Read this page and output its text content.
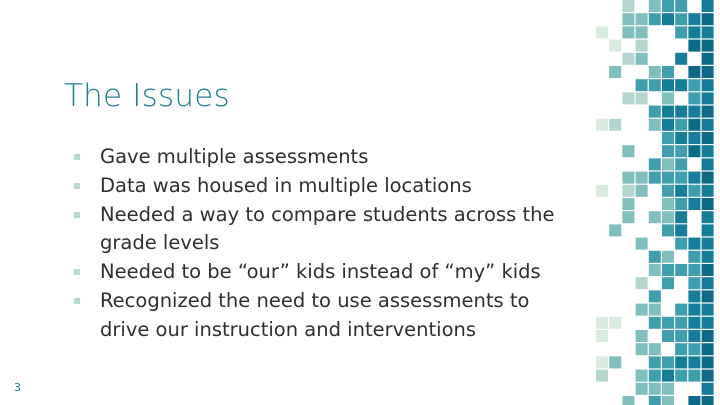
The Issues
Gave multiple assessments
Data was housed in multiple locations
Needed a way to compare students across the grade levels
Needed to be “our” kids instead of “my” kids
Recognized the need to use assessments to drive our instruction and interventions
3
